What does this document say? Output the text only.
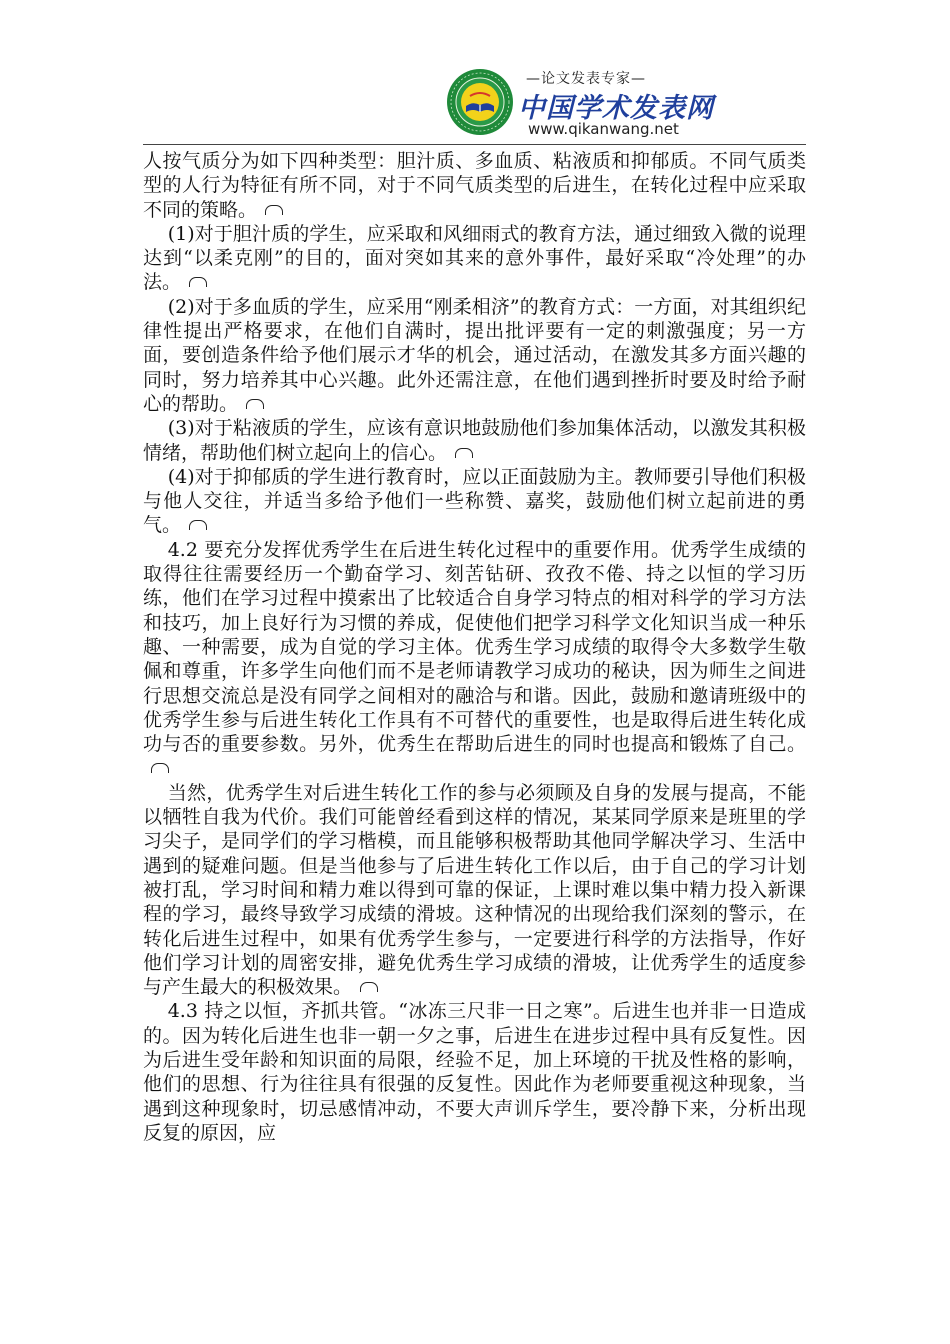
—论文发表专家—
中国学术发表网
www.qikanwang.net

人按气质分为如下四种类型：胆汁质、多血质、粘液质和抑郁质。不同气质类型的人行为特征有所不同，对于不同气质类型的后进生，在转化过程中应采取不同的策略。

(1)对于胆汁质的学生，应采取和风细雨式的教育方法，通过细致入微的说理达到“以柔克刚”的目的，面对突如其来的意外事件，最好采取“冷处理”的办法。

(2)对于多血质的学生，应采用“刚柔相济”的教育方式：一方面，对其组织纪律性提出严格要求，在他们自满时，提出批评要有一定的刺激强度；另一方面，要创造条件给予他们展示才华的机会，通过活动，在激发其多方面兴趣的同时，努力培养其中心兴趣。此外还需注意，在他们遇到挫折时要及时给予耐心的帮助。

(3)对于粘液质的学生，应该有意识地鼓励他们参加集体活动，以激发其积极情绪，帮助他们树立起向上的信心。

(4)对于抑郁质的学生进行教育时，应以正面鼓励为主。教师要引导他们积极与他人交往，并适当多给予他们一些称赞、嘉奖，鼓励他们树立起前进的勇气。

4.2 要充分发挥优秀学生在后进生转化过程中的重要作用。优秀学生成绩的取得往往需要经历一个勤奋学习、刻苦钻研、孜孜不倦、持之以恒的学习历练，他们在学习过程中摸索出了比较适合自身学习特点的相对科学的学习方法和技巧，加上良好行为习惯的养成，促使他们把学习科学文化知识当成一种乐趣、一种需要，成为自觉的学习主体。优秀生学习成绩的取得令大多数学生敬佩和尊重，许多学生向他们而不是老师请教学习成功的秘诀，因为师生之间进行思想交流总是没有同学之间相对的融洽与和谐。因此，鼓励和邀请班级中的优秀学生参与后进生转化工作具有不可替代的重要性，也是取得后进生转化成功与否的重要参数。另外，优秀生在帮助后进生的同时也提高和锻炼了自己。

当然，优秀学生对后进生转化工作的参与必须顾及自身的发展与提高，不能以牺牲自我为代价。我们可能曾经看到这样的情况，某某同学原来是班里的学习尖子，是同学们的学习楷模，而且能够积极帮助其他同学解决学习、生活中遇到的疑难问题。但是当他参与了后进生转化工作以后，由于自己的学习计划被打乱，学习时间和精力难以得到可靠的保证，上课时难以集中精力投入新课程的学习，最终导致学习成绩的滑坡。这种情况的出现给我们深刻的警示，在转化后进生过程中，如果有优秀学生参与，一定要进行科学的方法指导，作好他们学习计划的周密安排，避免优秀生学习成绩的滑坡，让优秀学生的适度参与产生最大的积极效果。

4.3 持之以恒，齐抓共管。“冰冻三尺非一日之寒”。后进生也并非一日造成的。因为转化后进生也非一朝一夕之事，后进生在进步过程中具有反复性。因为后进生受年龄和知识面的局限，经验不足，加上环境的干扰及性格的影响，他们的思想、行为往往具有很强的反复性。因此作为老师要重视这种现象，当遇到这种现象时，切忌感情冲动，不要大声训斥学生，要冷静下来，分析出现反复的原因，应
